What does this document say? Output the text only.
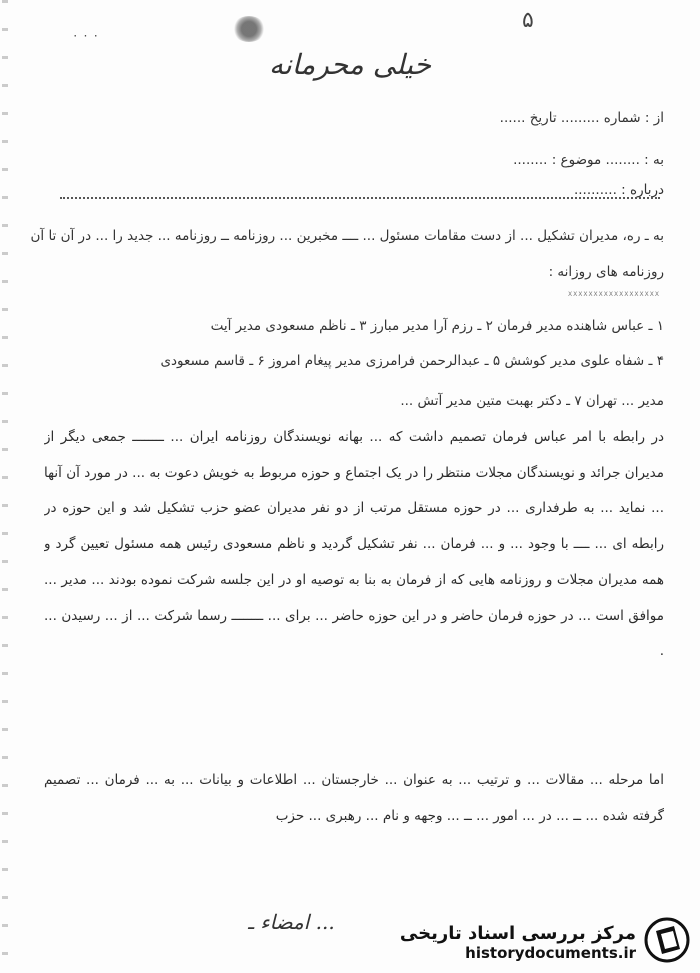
۰ ۰ ۰
۵
خیلی محرمانه
از : شماره ......... تاریخ ......
به : ........ موضوع : ........
درباره : ..........
به ـ ره، مدیران تشکیل ... از دست مقامات مسئول ... ــــ مخبرین ... روزنامه ــ روزنامه ... جدید را ... در آن تا آن
روزنامه های روزانه :
XXXXXXXXXXXXXXXXXX
۱ ـ عباس شاهنده مدیر فرمان ۲ ـ رزم آرا مدیر مبارز ۳ ـ ناظم مسعودی مدیر آیت
۴ ـ شفاه علوی مدیر کوشش ۵ ـ عبدالرحمن فرامرزی مدیر پیغام امروز ۶ ـ قاسم مسعودی
مدیر ... تهران ۷ ـ دکتر بهبت متین مدیر آتش ...
در رابطه با امر عباس فرمان تصمیم داشت که ... بهانه نویسندگان روزنامه ایران ... ــــــــ جمعی دیگر از مدیران جرائد و نویسندگان مجلات منتظر را در یک اجتماع و حوزه مربوط به خویش دعوت به ... در مورد آن آنها ... نماید ... به طرفداری ... در حوزه مستقل مرتب از دو نفر مدیران عضو حزب تشکیل شد و این حوزه در رابطه ای ... ــــ با وجود ... و ... فرمان ... نفر تشکیل گردید و ناظم مسعودی رئیس همه مسئول تعیین گرد و همه مدیران مجلات و روزنامه هایی که از فرمان به بنا به توصیه او در این جلسه شرکت نموده بودند ... مدیر ... موافق است ... در حوزه فرمان حاضر و در این حوزه حاضر ... برای ... ــــــــ رسما شرکت ... از ... رسیدن ... .
اما مرحله ... مقالات ... و ترتیب ... به عنوان ... خارجستان ... اطلاعات و بیانات ... به ... فرمان ... تصمیم گرفته شده ... ــ ... در ... امور ... ــ ... وجهه و نام ... رهبری ... حزب
امضاء ـ ...	مرکز بررسی اسناد تاریخی
historydocuments.ir
